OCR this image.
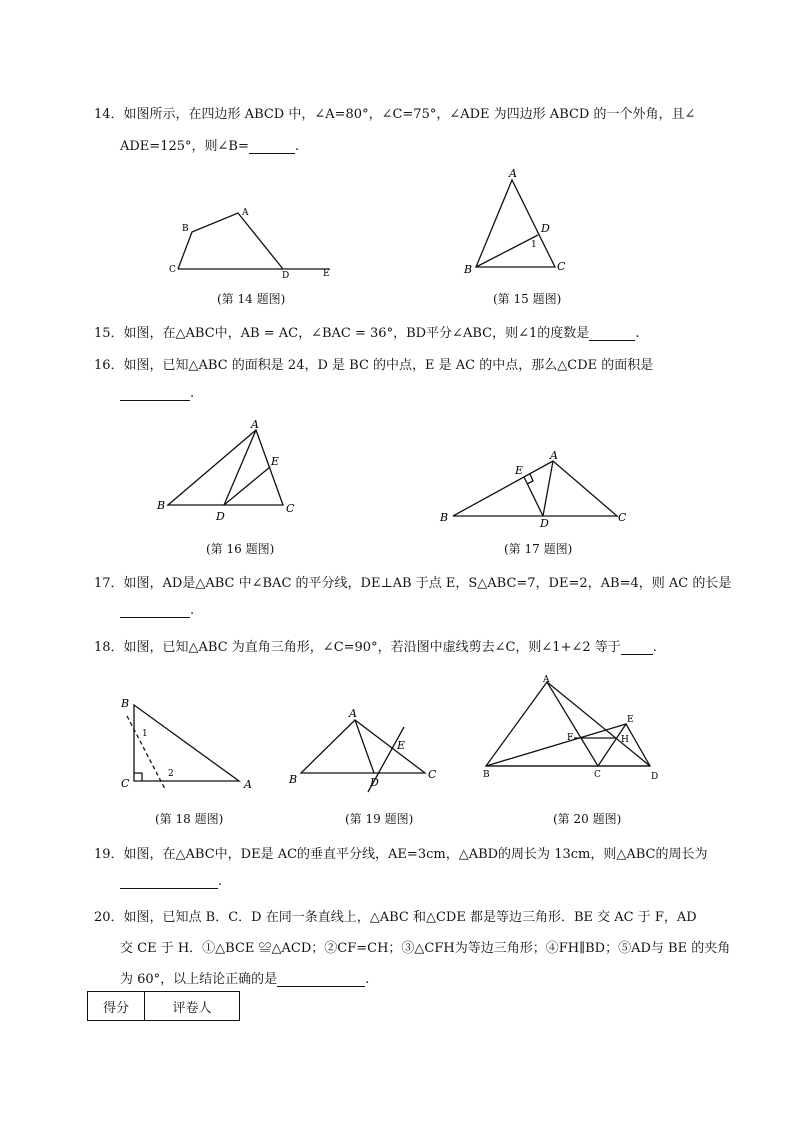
14．如图所示，在四边形 ABCD 中，∠A=80°，∠C=75°，∠ADE 为四边形 ABCD 的一个外角，且∠
ADE=125°，则∠B=	.
A
B
C
D	E
A
B	C
D
1
A
B	C
D
E	A
B	C
D
E
B
C	A
1
2
A
B	C
D
E
A
B	C	D
E
F	H
(第 14 题图)	(第 15 题图)
15．如图，在△ABC中，AB = AC，∠BAC = 36°，BD平分∠ABC，则∠1的度数是	.
16．如图，已知△ABC 的面积是 24，D 是 BC 的中点，E 是 AC 的中点，那么△CDE 的面积是
.
(第 16 题图)	(第 17 题图)
17．如图，AD是△ABC 中∠BAC 的平分线，DE⊥AB 于点 E，S△ABC=7，DE=2，AB=4，则 AC 的长是
.
18．如图，已知△ABC 为直角三角形，∠C=90°，若沿图中虚线剪去∠C，则∠1+∠2 等于 .
(第 18 题图)	(第 19 题图)	(第 20 题图)
19．如图，在△ABC中，DE是 AC的垂直平分线，AE=3cm，△ABD的周长为 13cm，则△ABC的周长为
.
20．如图，已知点 B．C．D 在同一条直线上，△ABC 和△CDE 都是等边三角形．BE 交 AC 于 F，AD
交 CE 于 H．①△BCE ≌△ACD；②CF=CH；③△CFH为等边三角形；④FH∥BD；⑤AD与 BE 的夹角
为 60°，以上结论正确的是	.
得分	评卷人
